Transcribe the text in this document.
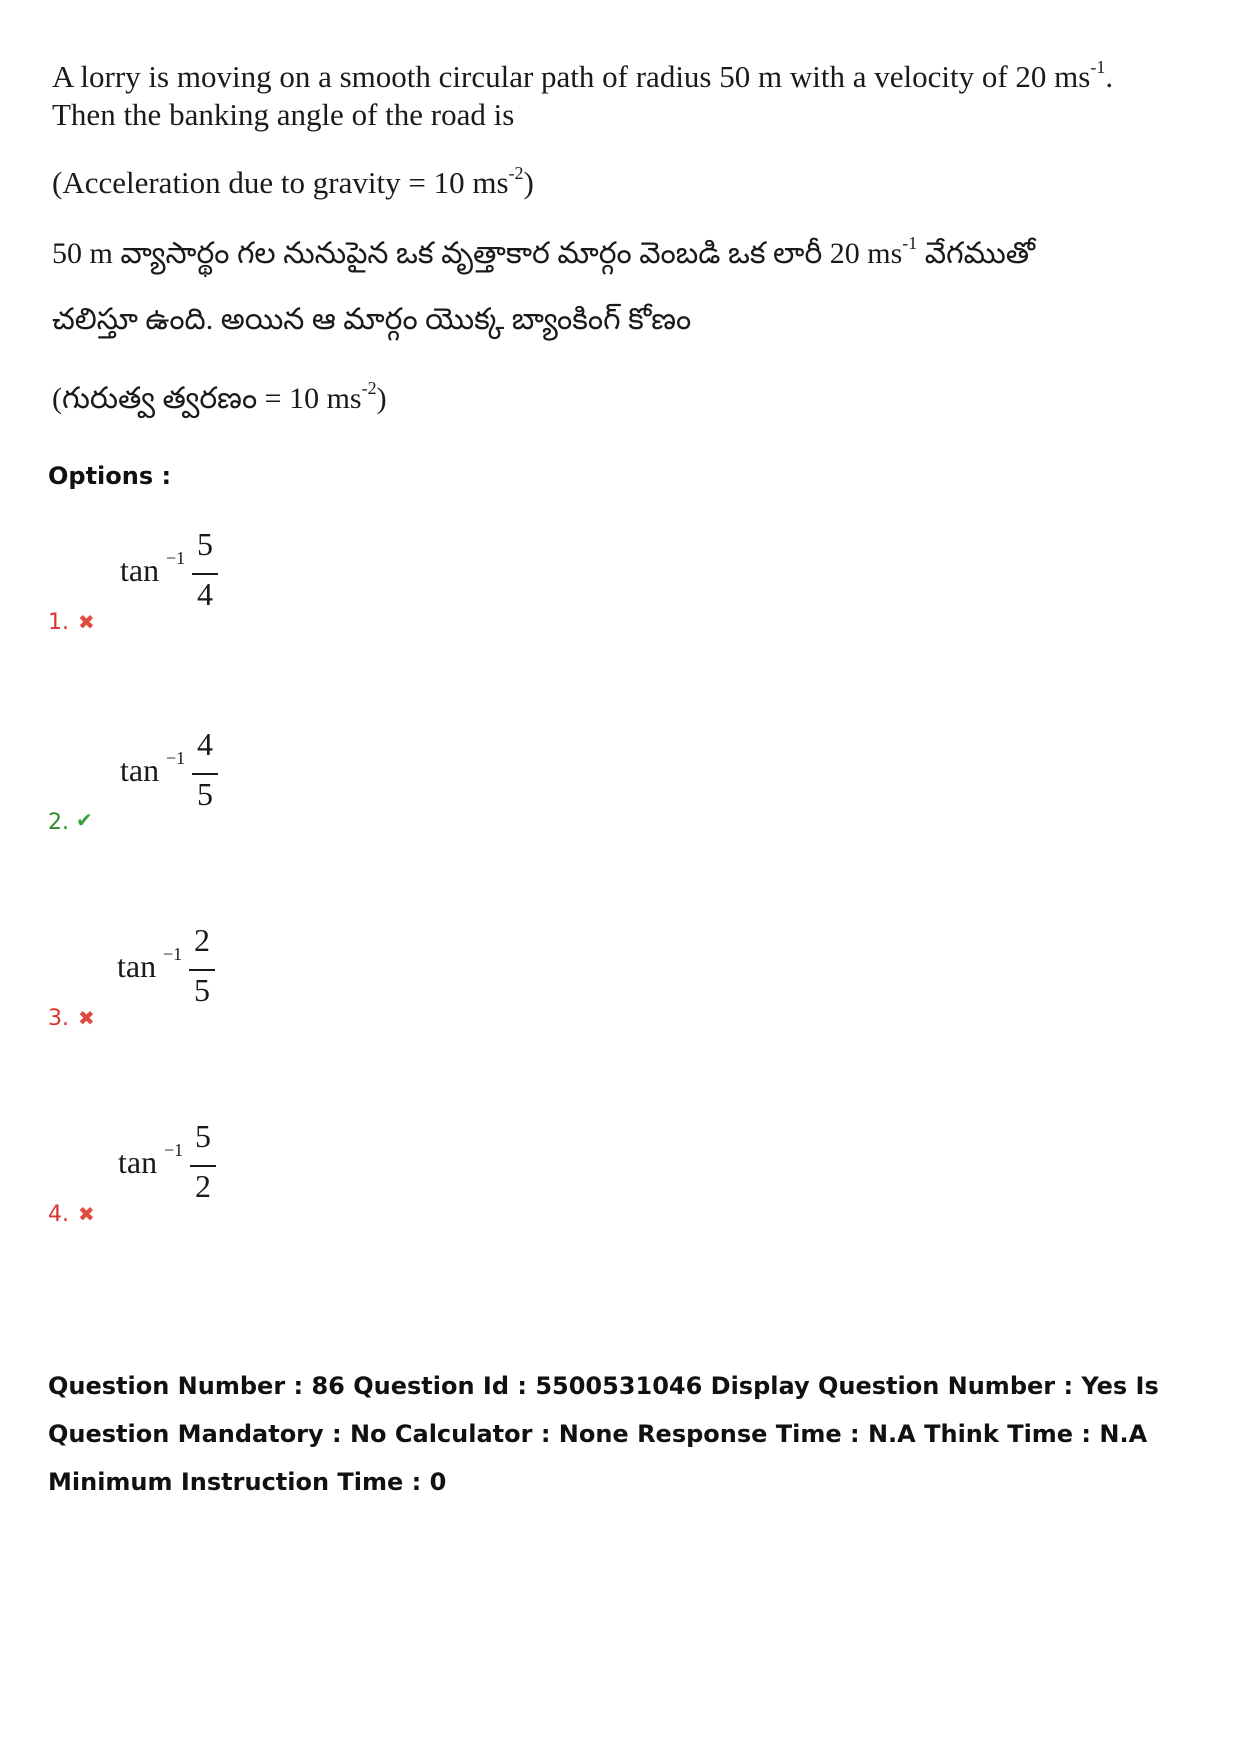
A lorry is moving on a smooth circular path of radius 50 m with a velocity of 20 $ms^{-1}$.

Then the banking angle of the road is

(Acceleration due to gravity = 10 $ms^{-2}$)

50 m వ్యాసార్థం గల నునుపైన ఒక వృత్తాకార మార్గం వెంబడి ఒక లారీ 20 $ms^{-1}$ వేగముతో

చలిస్తూ ఉంది. అయిన ఆ మార్గం యొక్క బ్యాంకింగ్ కోణం

(గురుత్వ త్వరణం = 10 $ms^{-2}$)

Options :

tan −1 5
4
1. ✖
tan −1 4
5
2. ✔
tan −1 2
5
3. ✖
tan −1 5
2
4. ✖

Question Number : 86 Question Id : 5500531046 Display Question Number : Yes Is Question Mandatory : No Calculator : None Response Time : N.A Think Time : N.A Minimum Instruction Time : 0
